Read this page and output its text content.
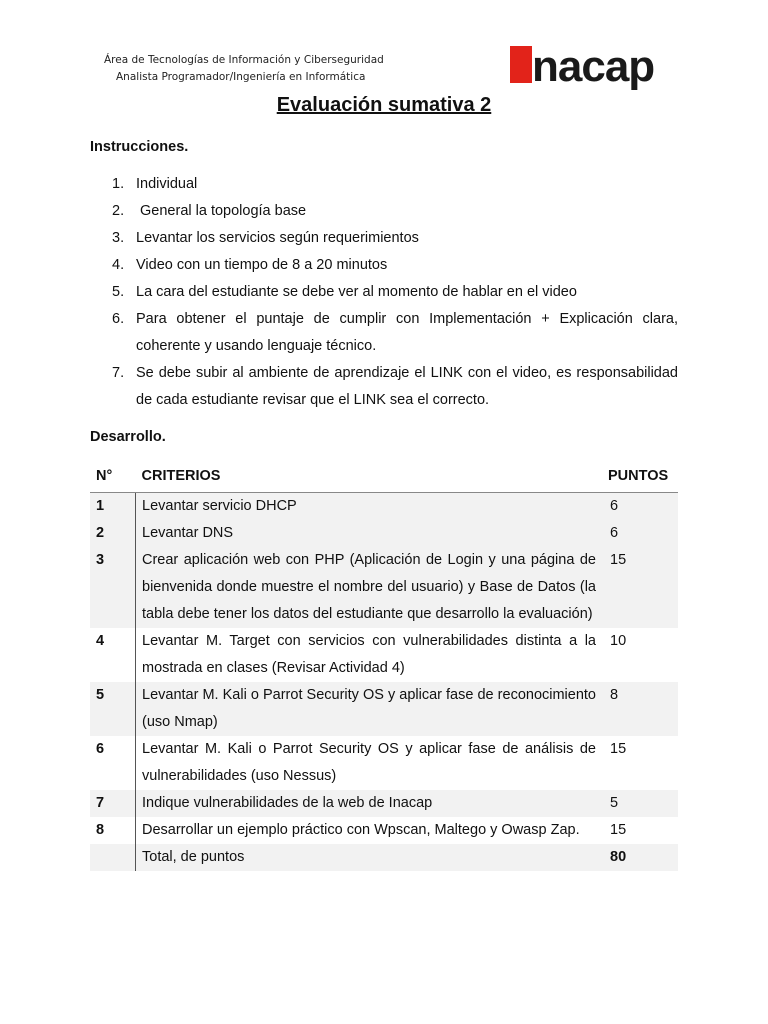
Área de Tecnologías de Información y Ciberseguridad
Analista Programador/Ingeniería en Informática	nacap
Evaluación sumativa 2
Instrucciones.
1. Individual
2. General la topología base
3. Levantar los servicios según requerimientos
4. Video con un tiempo de 8 a 20 minutos
5. La cara del estudiante se debe ver al momento de hablar en el video
6. Para obtener el puntaje de cumplir con Implementación + Explicación clara, coherente y usando lenguaje técnico.
7. Se debe subir al ambiente de aprendizaje el LINK con el video, es responsabilidad de cada estudiante revisar que el LINK sea el correcto.
Desarrollo.
N°	CRITERIOS	PUNTOS
1	Levantar servicio DHCP	6
2	Levantar DNS	6
3	Crear aplicación web con PHP (Aplicación de Login y una página de bienvenida donde muestre el nombre del usuario) y Base de Datos (la tabla debe tener los datos del estudiante que desarrollo la evaluación)	15
4	Levantar M. Target con servicios con vulnerabilidades distinta a la mostrada en clases (Revisar Actividad 4)	10
5	Levantar M. Kali o Parrot Security OS y aplicar fase de reconocimiento (uso Nmap)	8
6	Levantar M. Kali o Parrot Security OS y aplicar fase de análisis de vulnerabilidades (uso Nessus)	15
7	Indique vulnerabilidades de la web de Inacap	5
8	Desarrollar un ejemplo práctico con Wpscan, Maltego y Owasp Zap.	15
	Total, de puntos	80
